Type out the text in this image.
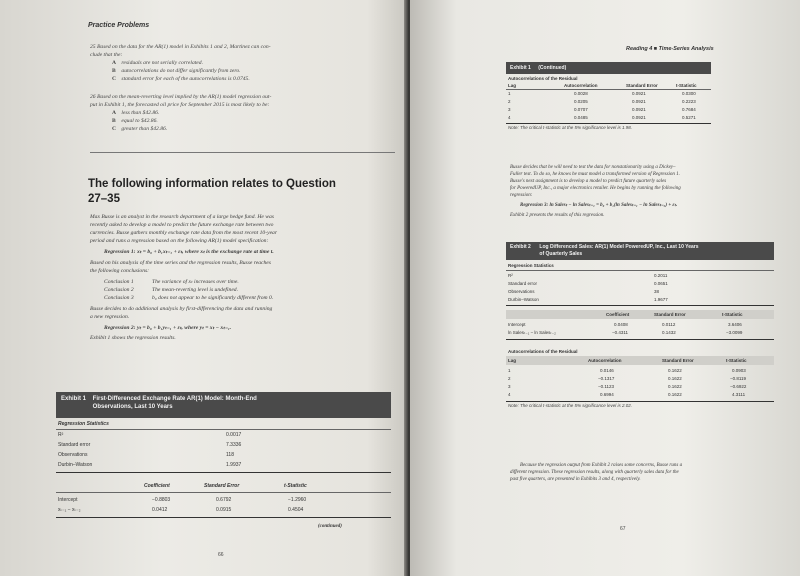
Practice Problems
25 Based on the data for the AR(1) model in Exhibits 1 and 2, Martinez can con-
clude that the:
A residuals are not serially correlated.
B autocorrelations do not differ significantly from zero.
C standard error for each of the autocorrelations is 0.0745.
26 Based on the mean-reverting level implied by the AR(1) model regression out-
put in Exhibit 1, the forecasted oil price for September 2015 is most likely to be:
A less than $42.86.
B equal to $42.86.
C greater than $42.86.
The following information relates to Question
27–35
Max Busse is an analyst in the research department of a large hedge fund. He was
recently asked to develop a model to predict the future exchange rate between two
currencies. Busse gathers monthly exchange rate data from the most recent 10-year
period and runs a regression based on the following AR(1) model specification:
Regression 1: xₜ = b₀ + b₁xₜ₋₁ + εₜ, where xₜ is the exchange rate at time t.
Based on his analysis of the time series and the regression results, Busse reaches
the following conclusions:
Conclusion 1	The variance of xₜ increases over time.
Conclusion 2	The mean-reverting level is undefined.
Conclusion 3	b₀ does not appear to be significantly different from 0.
Busse decides to do additional analysis by first-differencing the data and running
a new regression.
Regression 2: yₜ = b₀ + b₁yₜ₋₁ + εₜ, where yₜ = xₜ − xₜ₋₁.
Exhibit 1 shows the regression results.
Exhibit 1 First-Differenced Exchange Rate AR(1) Model: Month-End
Observations, Last 10 Years
Regression Statistics
R²	0.0017
Standard error	7.3336
Observations	118
Durbin–Watson	1.9937
Coefficient	Standard Error	t-Statistic
Intercept	−0.8803	0.6792	−1.2960
xₜ₋₁ − xₜ₋₂	0.0412	0.0915	0.4504
(continued)
66
Reading 4 ■ Time-Series Analysis
Exhibit 1 (Continued)
Autocorrelations of the Residual
Lag	Autocorrelation	Standard Error	t-Statistic
1	0.0028	0.0921	0.0300
2	0.0205	0.0921	0.2223
3	0.0707	0.0921	0.7684
4	0.0485	0.0921	0.5271
Note: The critical t-statistic at the 5% significance level is 1.98.
Busse decides that he will need to test the data for nonstationarity using a Dickey–
Fuller test. To do so, he knows he must model a transformed version of Regression 1.
Busse's next assignment is to develop a model to predict future quarterly sales
for PoweredUP, Inc., a major electronics retailer. He begins by running the following
regression:
Regression 3: ln Salesₜ − ln Salesₜ₋₁ = b₀ + b₁(ln Salesₜ₋₁ − ln Salesₜ₋₂) + εₜ.
Exhibit 2 presents the results of this regression.
Exhibit 2 Log Differenced Sales: AR(1) Model PoweredUP, Inc., Last 10 Years
of Quarterly Sales
Regression Statistics
R²	0.2011
Standard error	0.0651
Observations	38
Durbin–Watson	1.9677
Coefficient	Standard Error	t-Statistic
Intercept	0.0408	0.0112	3.6406
ln Salesₜ₋₁ − ln Salesₜ₋₂	−0.4311	0.1432	−3.0099
Autocorrelations of the Residual
Lag	Autocorrelation	Standard Error	t-Statistic
1	0.0146	0.1622	0.0903
2	−0.1317	0.1622	−0.8119
3	−0.1123	0.1622	−0.6922
4	0.6994	0.1622	4.3111
Note: The critical t-statistic at the 5% significance level is 2.02.
Because the regression output from Exhibit 2 raises some concerns, Busse runs a
different regression. These regression results, along with quarterly sales data for the
past five quarters, are presented in Exhibits 3 and 4, respectively.
67
